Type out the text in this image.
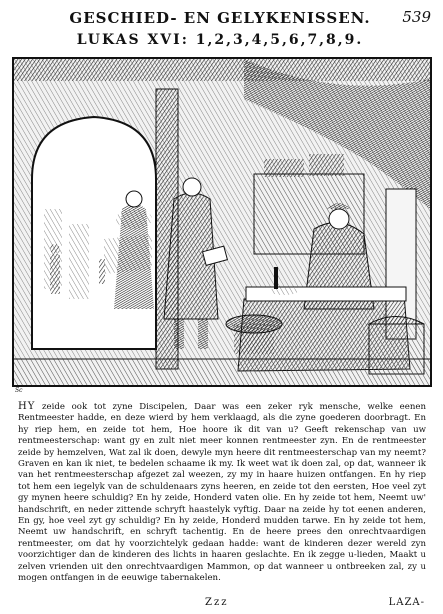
GESCHIED- EN GELYKENISSEN.	539
LUKAS XVI: 1,2,3,4,5,6,7,8,9.
Sc
HY zeide ook tot zyne Discipelen, Daar was een zeker ryk mensche, welke eenen Rentmeester hadde, en deze wierd by hem verklaagd, als die zyne goederen doorbragt. En hy riep hem, en zeide tot hem, Hoe hoore ik dit van u? Geeft rekenschap van uw rentmeesterschap: want gy en zult niet meer konnen rentmeester zyn. En de rentmeester zeide by hemzelven, Wat zal ik doen, dewyle myn heere dit rentmeesterschap van my neemt? Graven en kan ik niet, te bedelen schaame ik my. Ik weet wat ik doen zal, op dat, wanneer ik van het rentmeesterschap afgezet zal weezen, zy my in haare huizen ontfangen. En hy riep tot hem een iegelyk van de schuldenaars zyns heeren, en zeide tot den eersten, Hoe veel zyt gy mynen heere schuldig? En hy zeide, Honderd vaten olie. En hy zeide tot hem, Neemt uw' handschrift, en neder zittende schryft haastelyk vyftig. Daar na zeide hy tot eenen anderen, En gy, hoe veel zyt gy schuldig? En hy zeide, Honderd mudden tarwe. En hy zeide tot hem, Neemt uw handschrift, en schryft tachentig. En de heere prees den onrechtvaardigen rentmeester, om dat hy voorzichtelyk gedaan hadde: want de kinderen dezer wereld zyn voorzichtiger dan de kinderen des lichts in haaren geslachte. En ik zegge u-lieden, Maakt u zelven vrienden uit den onrechtvaardigen Mammon, op dat wanneer u ontbreeken zal, zy u mogen ontfangen in de eeuwige tabernakelen.
Zzz	LAZA-
